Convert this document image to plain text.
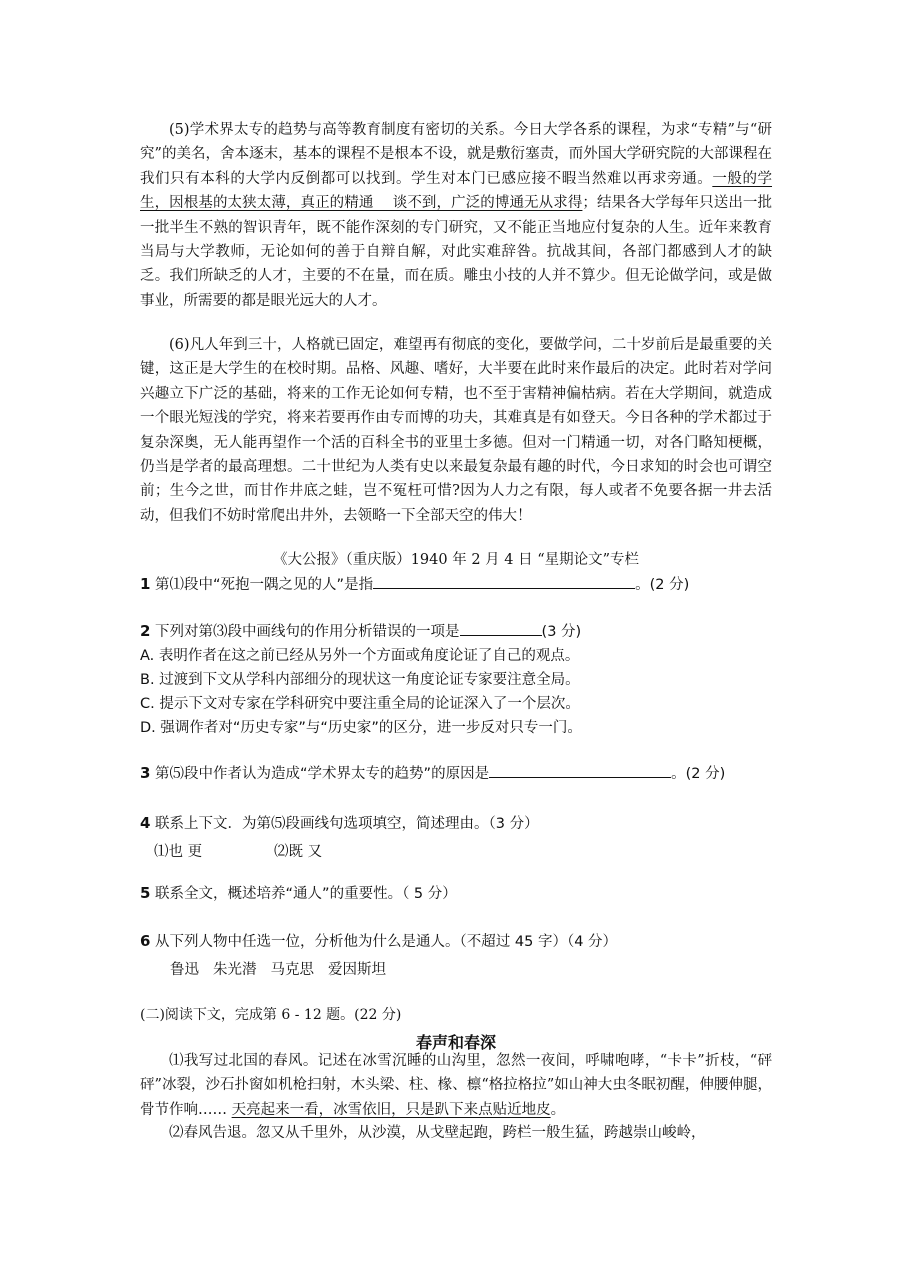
(5)学术界太专的趋势与高等教育制度有密切的关系。今日大学各系的课程，为求“专精”与“研究”的美名，舍本逐末，基本的课程不是根本不设，就是敷衍塞责，而外国大学研究院的大部课程在我们只有本科的大学内反倒都可以找到。学生对本门已感应接不暇当然难以再求旁通。一般的学生，因根基的太狭太薄，真正的精通　 谈不到，广泛的博通无从求得；结果各大学每年只送出一批一批半生不熟的智识青年，既不能作深刻的专门研究，又不能正当地应付复杂的人生。近年来教育当局与大学教师，无论如何的善于自辩自解，对此实难辞咎。抗战其间，各部门都感到人才的缺乏。我们所缺乏的人才，主要的不在量，而在质。雕虫小技的人并不算少。但无论做学问，或是做事业，所需要的都是眼光远大的人才。

(6)凡人年到三十，人格就已固定，难望再有彻底的变化，要做学问，二十岁前后是最重要的关键，这正是大学生的在校时期。品格、风趣、嗜好，大半要在此时来作最后的决定。此时若对学问兴趣立下广泛的基础，将来的工作无论如何专精，也不至于害精神偏枯病。若在大学期间，就造成一个眼光短浅的学究，将来若要再作由专而博的功夫，其难真是有如登天。今日各种的学术都过于复杂深奥，无人能再望作一个活的百科全书的亚里士多德。但对一门精通一切，对各门略知梗概，仍当是学者的最高理想。二十世纪为人类有史以来最复杂最有趣的时代，今日求知的时会也可谓空前；生今之世，而甘作井底之蛙，岂不冤枉可惜?因为人力之有限，每人或者不免要各据一井去活动，但我们不妨时常爬出井外，去领略一下全部天空的伟大！

《大公报》（重庆版）1940 年 2 月 4 日 “星期论文”专栏

1 第⑴段中“死抱一隅之见的人”是指	。(2 分)

2 下列对第⑶段中画线句的作用分析错误的一项是	(3 分)

A. 表明作者在这之前已经从另外一个方面或角度论证了自己的观点。

B. 过渡到下文从学科内部细分的现状这一角度论证专家要注意全局。

C. 提示下文对专家在学科研究中要注重全局的论证深入了一个层次。

D. 强调作者对“历史专家”与“历史家”的区分，进一步反对只专一门。

3 第⑸段中作者认为造成“学术界太专的趋势”的原因是	。(2 分)

4 联系上下文．为第⑸段画线句选项填空，简述理由。（3 分）

⑴也 更	⑵既 又

5 联系全文，概述培养“通人”的重要性。（ 5 分）

6 从下列人物中任选一位，分析他为什么是通人。（不超过 45 字）（4 分）

鲁迅 朱光潜 马克思 爱因斯坦

(二)阅读下文，完成第 6 - 12 题。(22 分)

春声和春深

⑴我写过北国的春风。记述在冰雪沉睡的山沟里，忽然一夜间，呼啸咆哮，“卡卡”折枝，“砰砰”冰裂，沙石扑窗如机枪扫射，木头梁、柱、椽、檩“格拉格拉”如山神大虫冬眠初醒，伸腰伸腿，骨节作响…… 天亮起来一看，冰雪依旧，只是趴下来点贴近地皮。

⑵春风告退。忽又从千里外，从沙漠，从戈壁起跑，跨栏一般生猛，跨越崇山峻岭，
